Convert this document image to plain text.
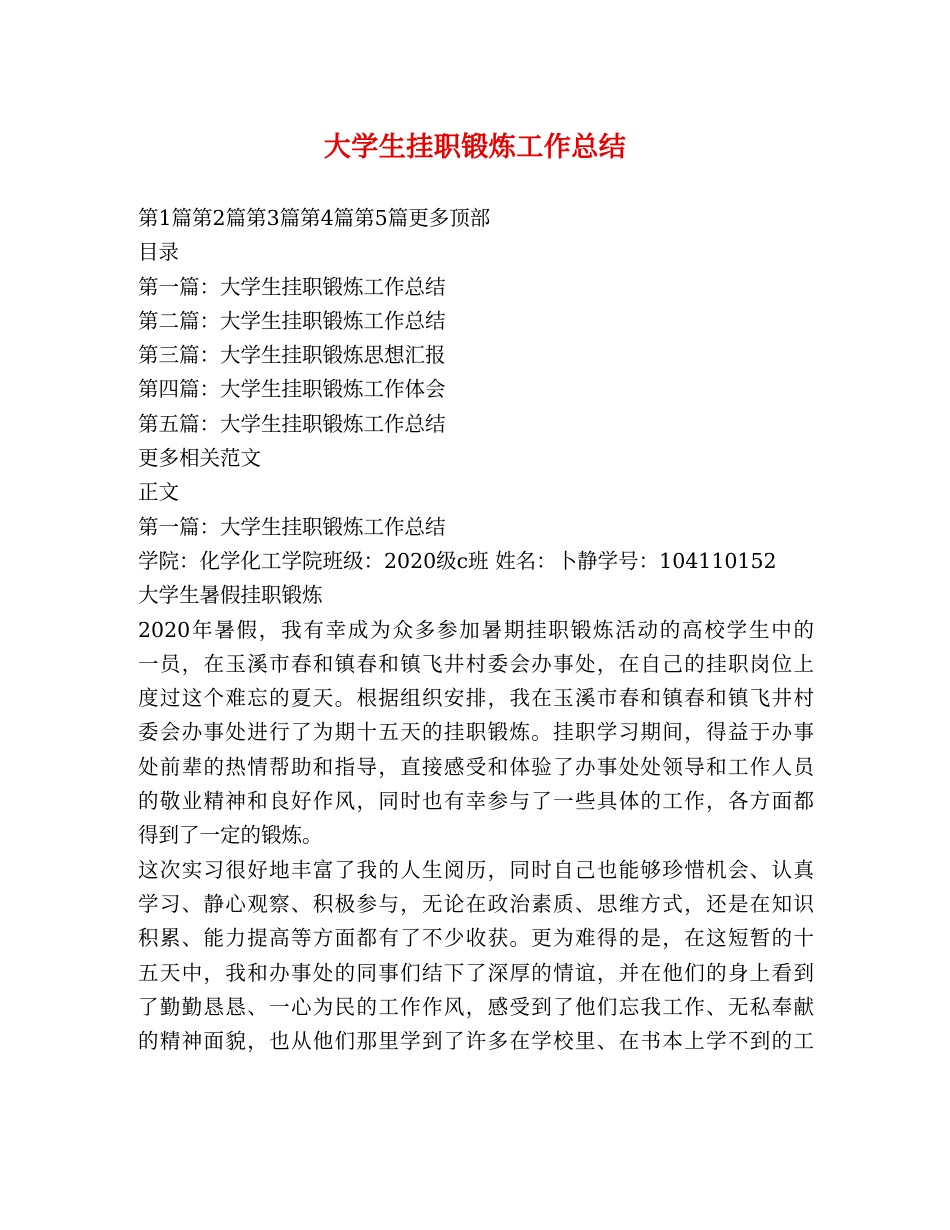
大学生挂职锻炼工作总结
第1篇第2篇第3篇第4篇第5篇更多顶部
目录
第一篇：大学生挂职锻炼工作总结
第二篇：大学生挂职锻炼工作总结
第三篇：大学生挂职锻炼思想汇报
第四篇：大学生挂职锻炼工作体会
第五篇：大学生挂职锻炼工作总结
更多相关范文
正文
第一篇：大学生挂职锻炼工作总结
学院：化学化工学院班级：2020级c班 姓名：卜静学号：104110152
大学生暑假挂职锻炼
2020年暑假，我有幸成为众多参加暑期挂职锻炼活动的高校学生中的
一员，在玉溪市春和镇春和镇飞井村委会办事处，在自己的挂职岗位上
度过这个难忘的夏天。根据组织安排，我在玉溪市春和镇春和镇飞井村
委会办事处进行了为期十五天的挂职锻炼。挂职学习期间，得益于办事
处前辈的热情帮助和指导，直接感受和体验了办事处处领导和工作人员
的敬业精神和良好作风，同时也有幸参与了一些具体的工作，各方面都
得到了一定的锻炼。
这次实习很好地丰富了我的人生阅历，同时自己也能够珍惜机会、认真
学习、静心观察、积极参与，无论在政治素质、思维方式，还是在知识
积累、能力提高等方面都有了不少收获。更为难得的是，在这短暂的十
五天中，我和办事处的同事们结下了深厚的情谊，并在他们的身上看到
了勤勤恳恳、一心为民的工作作风，感受到了他们忘我工作、无私奉献
的精神面貌，也从他们那里学到了许多在学校里、在书本上学不到的工
